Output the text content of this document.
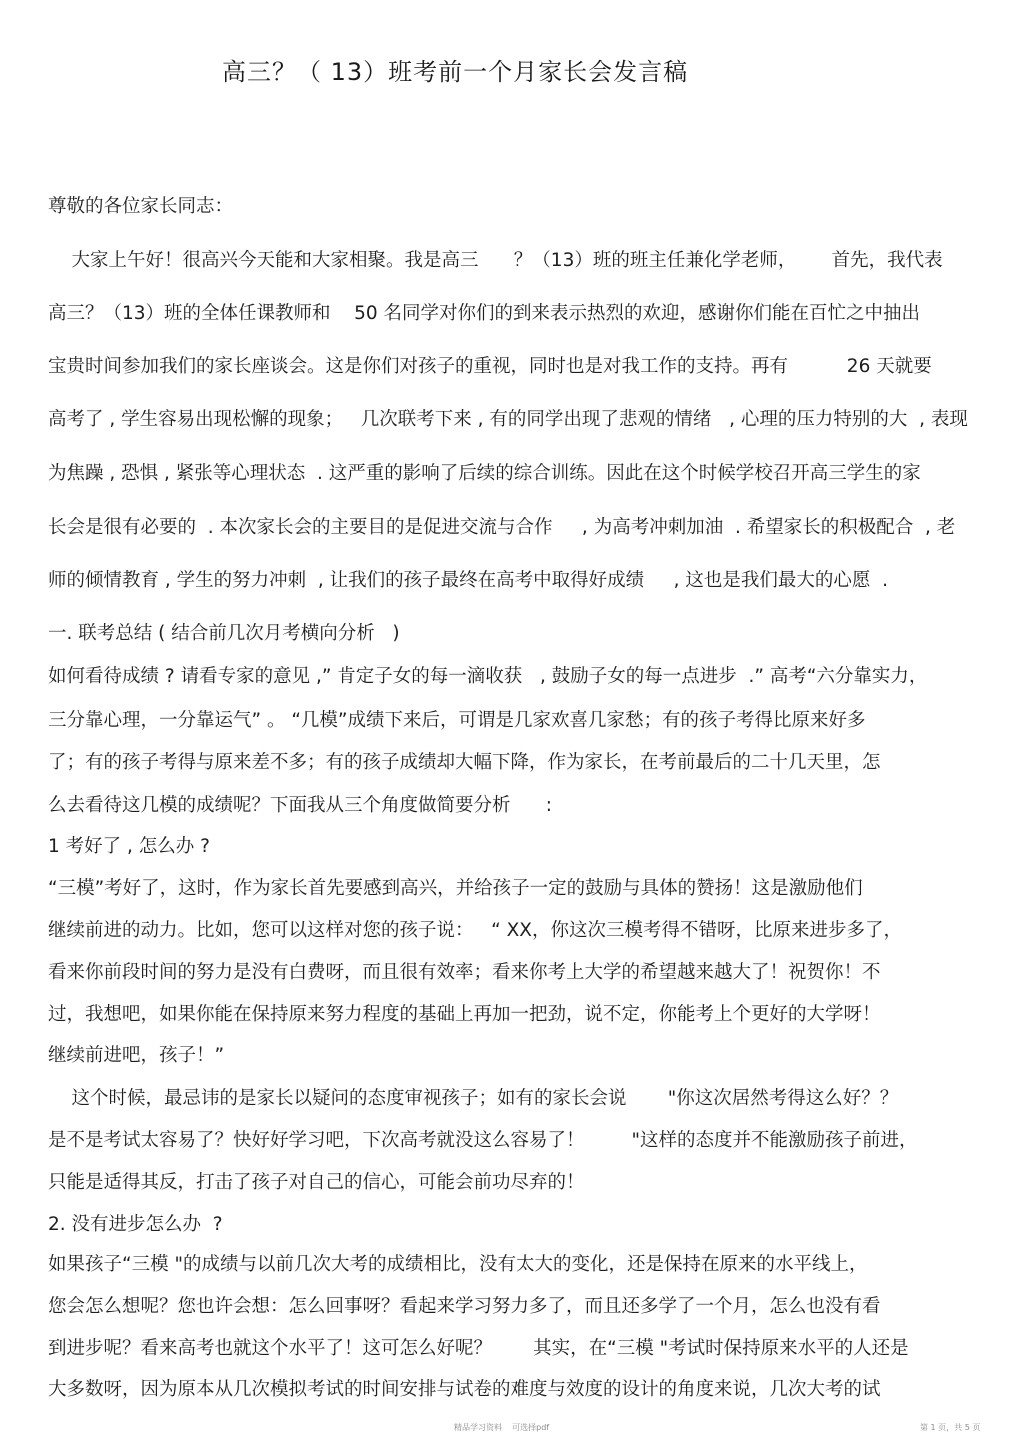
高三？（ 13）班考前一个月家长会发言稿
尊敬的各位家长同志：
大家上午好！很高兴今天能和大家相聚。我是高三      ？（13）班的班主任兼化学老师，      首先，我代表
高三？（13）班的全体任课教师和    50 名同学对你们的到来表示热烈的欢迎，感谢你们能在百忙之中抽出
宝贵时间参加我们的家长座谈会。这是你们对孩子的重视，同时也是对我工作的支持。再有          26 天就要
高考了 , 学生容易出现松懈的现象；   几次联考下来 , 有的同学出现了悲观的情绪   , 心理的压力特别的大  , 表现
为焦躁 , 恐惧 , 紧张等心理状态  . 这严重的影响了后续的综合训练。因此在这个时候学校召开高三学生的家
长会是很有必要的  . 本次家长会的主要目的是促进交流与合作     , 为高考冲刺加油  . 希望家长的积极配合  , 老
师的倾情教育 , 学生的努力冲刺  , 让我们的孩子最终在高考中取得好成绩     , 这也是我们最大的心愿  .
一. 联考总结 ( 结合前几次月考横向分析   )
如何看待成绩 ? 请看专家的意见 ,” 肯定子女的每一滴收获   , 鼓励子女的每一点进步  .” 高考“六分靠实力，
三分靠心理，一分靠运气” 。 “几模”成绩下来后，可谓是几家欢喜几家愁；有的孩子考得比原来好多
了；有的孩子考得与原来差不多；有的孩子成绩却大幅下降，作为家长，在考前最后的二十几天里，怎
么去看待这几模的成绩呢？下面我从三个角度做简要分析      :
1 考好了 , 怎么办 ?
“三模”考好了，这时，作为家长首先要感到高兴，并给孩子一定的鼓励与具体的赞扬！这是激励他们
继续前进的动力。比如，您可以这样对您的孩子说：   “ XX，你这次三模考得不错呀，比原来进步多了，
看来你前段时间的努力是没有白费呀，而且很有效率；看来你考上大学的希望越来越大了！祝贺你！不
过，我想吧，如果你能在保持原来努力程度的基础上再加一把劲，说不定，你能考上个更好的大学呀！
继续前进吧，孩子！”
这个时候，最忌讳的是家长以疑问的态度审视孩子；如有的家长会说       "你这次居然考得这么好？？
是不是考试太容易了？快好好学习吧，下次高考就没这么容易了！        "这样的态度并不能激励孩子前进，
只能是适得其反，打击了孩子对自己的信心，可能会前功尽弃的！
2. 没有进步怎么办  ?
如果孩子“三模 "的成绩与以前几次大考的成绩相比，没有太大的变化，还是保持在原来的水平线上，
您会怎么想呢？您也许会想：怎么回事呀？看起来学习努力多了，而且还多学了一个月，怎么也没有看
到进步呢？看来高考也就这个水平了！这可怎么好呢？       其实，在“三模 "考试时保持原来水平的人还是
大多数呀，因为原本从几次模拟考试的时间安排与试卷的难度与效度的设计的角度来说，几次大考的试
精品学习资料    可选择pdf	第 1 页，共 5 页
